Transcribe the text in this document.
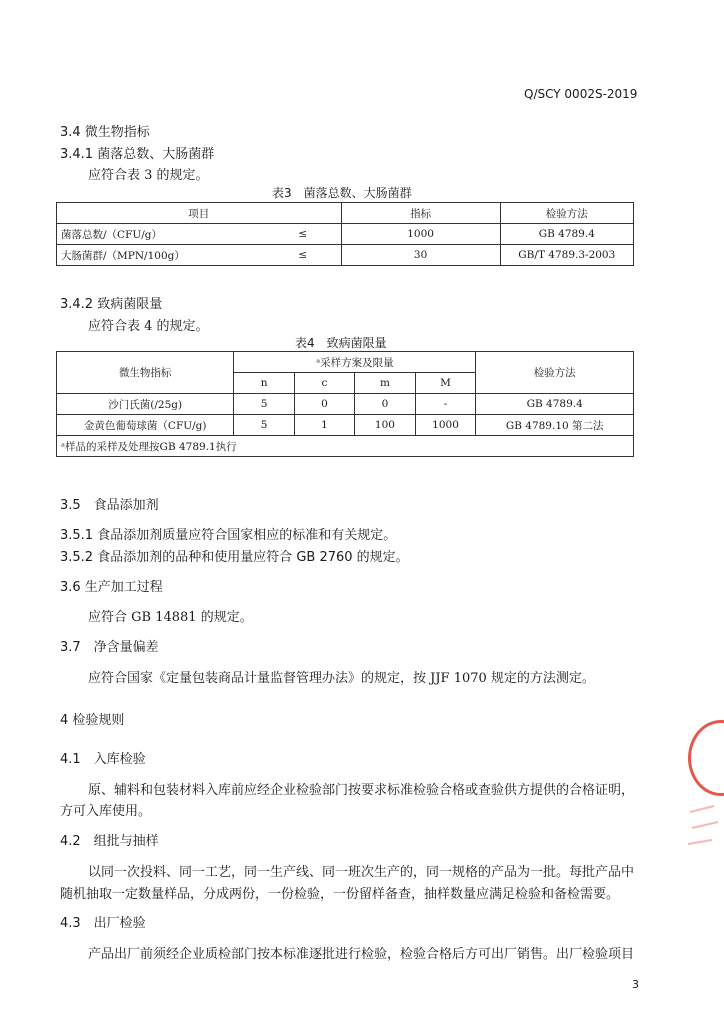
Q/SCY 0002S-2019
3.4 微生物指标
3.4.1 菌落总数、大肠菌群
应符合表 3 的规定。
表3　菌落总数、大肠菌群
项目		指标	检验方法
菌落总数/（CFU/g）	≤	1000	GB 4789.4
大肠菌群/（MPN/100g）	≤	30	GB/T 4789.3-2003
3.4.2 致病菌限量
应符合表 4 的规定。
表4　致病菌限量
微生物指标	ᵃ采样方案及限量				检验方法
	n	c	m	M	
沙门氏菌(/25g)	5	0	0	-	GB 4789.4
金黄色葡萄球菌（CFU/g)	5	1	100	1000	GB 4789.10 第二法
ᵃ样品的采样及处理按GB 4789.1执行					
3.5　食品添加剂
3.5.1 食品添加剂质量应符合国家相应的标准和有关规定。
3.5.2 食品添加剂的品种和使用量应符合 GB 2760 的规定。
3.6 生产加工过程
应符合 GB 14881 的规定。
3.7　净含量偏差
应符合国家《定量包装商品计量监督管理办法》的规定，按 JJF 1070 规定的方法测定。
4 检验规则
4.1　入库检验
原、辅料和包装材料入库前应经企业检验部门按要求标准检验合格或查验供方提供的合格证明，
方可入库使用。
4.2　组批与抽样
以同一次投料、同一工艺，同一生产线、同一班次生产的，同一规格的产品为一批。每批产品中
随机抽取一定数量样品，分成两份，一份检验，一份留样备查，抽样数量应满足检验和备检需要。
4.3　出厂检验
产品出厂前须经企业质检部门按本标准逐批进行检验，检验合格后方可出厂销售。出厂检验项目
3
